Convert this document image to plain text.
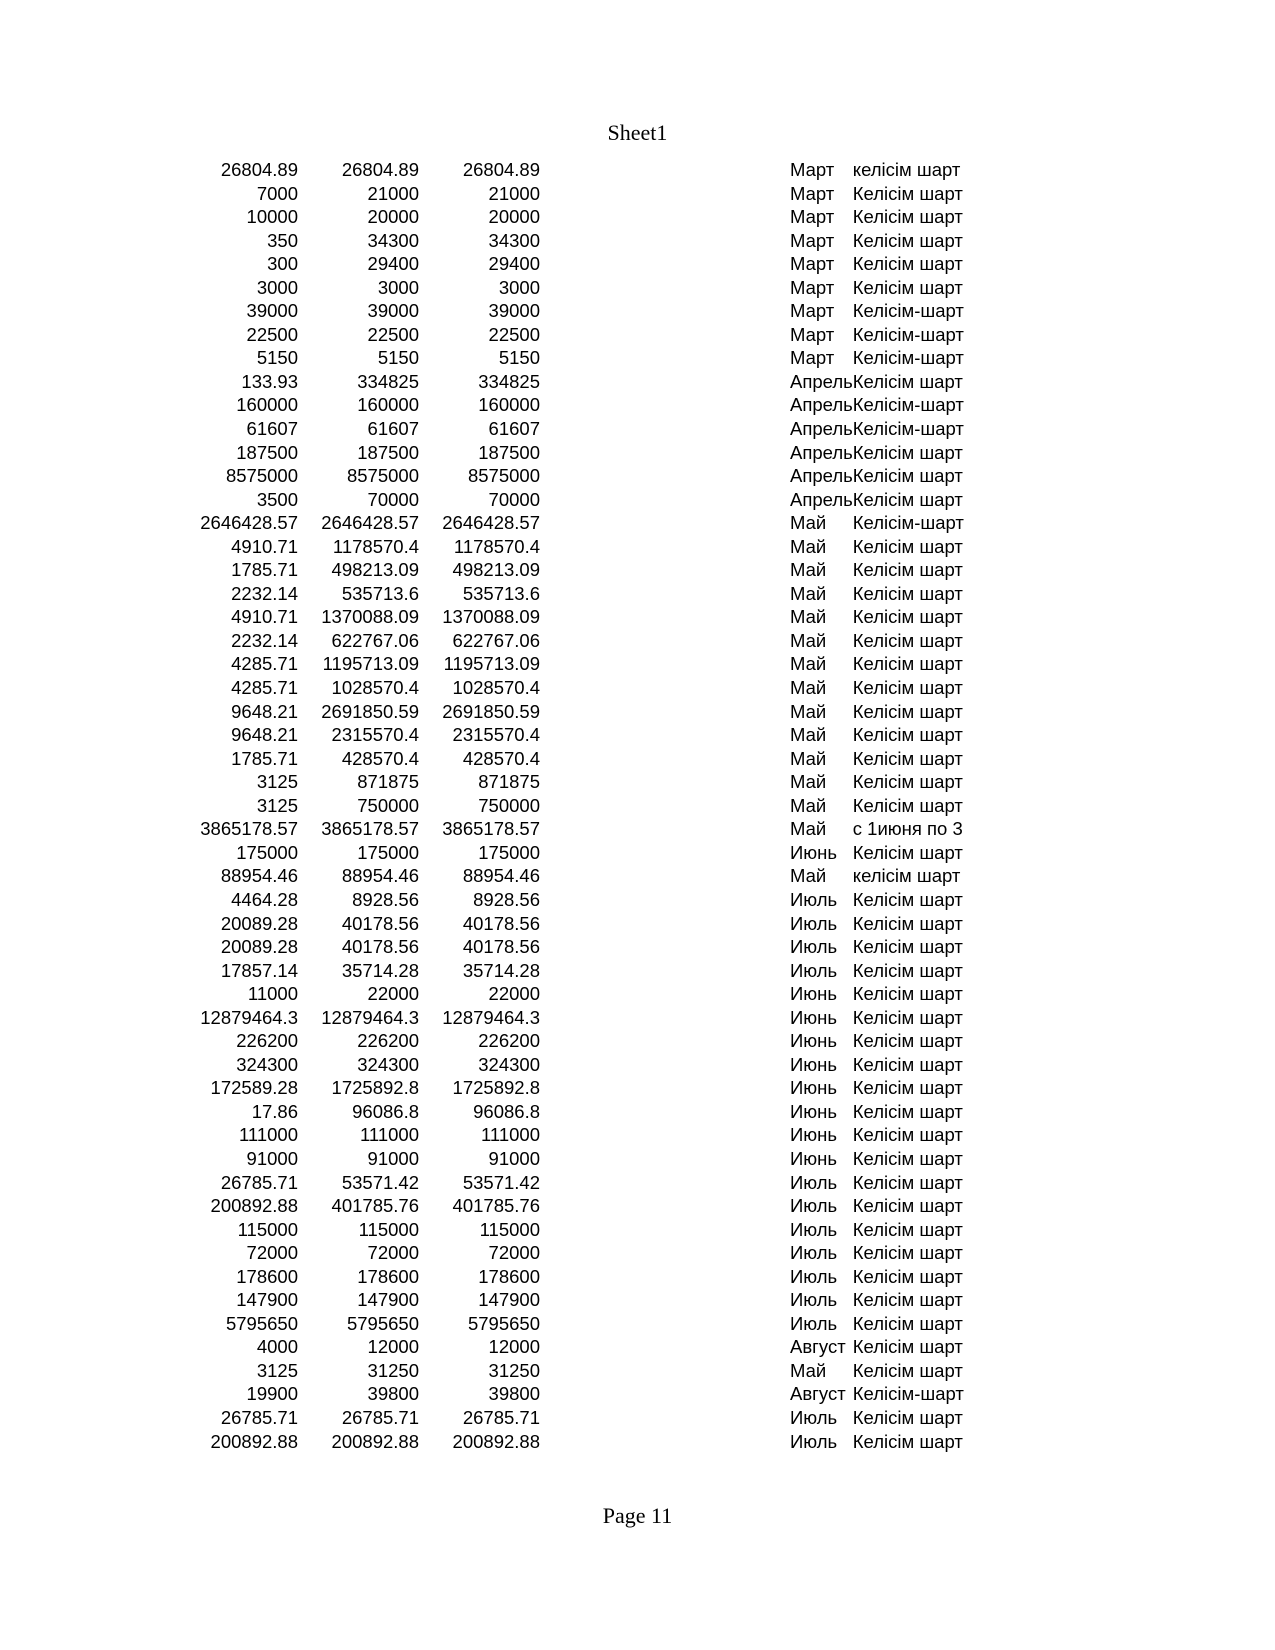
Sheet1
26804.89	26804.89	26804.89	Март	келісім шарт
7000	21000	21000	Март	Келісім шарт
10000	20000	20000	Март	Келісім шарт
350	34300	34300	Март	Келісім шарт
300	29400	29400	Март	Келісім шарт
3000	3000	3000	Март	Келісім шарт
39000	39000	39000	Март	Келісім-шарт
22500	22500	22500	Март	Келісім-шарт
5150	5150	5150	Март	Келісім-шарт
133.93	334825	334825	Апрель	Келісім шарт
160000	160000	160000	Апрель	Келісім-шарт
61607	61607	61607	Апрель	Келісім-шарт
187500	187500	187500	Апрель	Келісім шарт
8575000	8575000	8575000	Апрель	Келісім шарт
3500	70000	70000	Апрель	Келісім шарт
2646428.57	2646428.57	2646428.57	Май	Келісім-шарт
4910.71	1178570.4	1178570.4	Май	Келісім шарт
1785.71	498213.09	498213.09	Май	Келісім шарт
2232.14	535713.6	535713.6	Май	Келісім шарт
4910.71	1370088.09	1370088.09	Май	Келісім шарт
2232.14	622767.06	622767.06	Май	Келісім шарт
4285.71	1195713.09	1195713.09	Май	Келісім шарт
4285.71	1028570.4	1028570.4	Май	Келісім шарт
9648.21	2691850.59	2691850.59	Май	Келісім шарт
9648.21	2315570.4	2315570.4	Май	Келісім шарт
1785.71	428570.4	428570.4	Май	Келісім шарт
3125	871875	871875	Май	Келісім шарт
3125	750000	750000	Май	Келісім шарт
3865178.57	3865178.57	3865178.57	Май	с 1июня по 3
175000	175000	175000	Июнь	Келісім шарт
88954.46	88954.46	88954.46	Май	келісім шарт
4464.28	8928.56	8928.56	Июль	Келісім шарт
20089.28	40178.56	40178.56	Июль	Келісім шарт
20089.28	40178.56	40178.56	Июль	Келісім шарт
17857.14	35714.28	35714.28	Июль	Келісім шарт
11000	22000	22000	Июнь	Келісім шарт
12879464.3	12879464.3	12879464.3	Июнь	Келісім шарт
226200	226200	226200	Июнь	Келісім шарт
324300	324300	324300	Июнь	Келісім шарт
172589.28	1725892.8	1725892.8	Июнь	Келісім шарт
17.86	96086.8	96086.8	Июнь	Келісім шарт
111000	111000	111000	Июнь	Келісім шарт
91000	91000	91000	Июнь	Келісім шарт
26785.71	53571.42	53571.42	Июль	Келісім шарт
200892.88	401785.76	401785.76	Июль	Келісім шарт
115000	115000	115000	Июль	Келісім шарт
72000	72000	72000	Июль	Келісім шарт
178600	178600	178600	Июль	Келісім шарт
147900	147900	147900	Июль	Келісім шарт
5795650	5795650	5795650	Июль	Келісім шарт
4000	12000	12000	Август	Келісім шарт
3125	31250	31250	Май	Келісім шарт
19900	39800	39800	Август	Келісім-шарт
26785.71	26785.71	26785.71	Июль	Келісім шарт
200892.88	200892.88	200892.88	Июль	Келісім шарт
Page 11
